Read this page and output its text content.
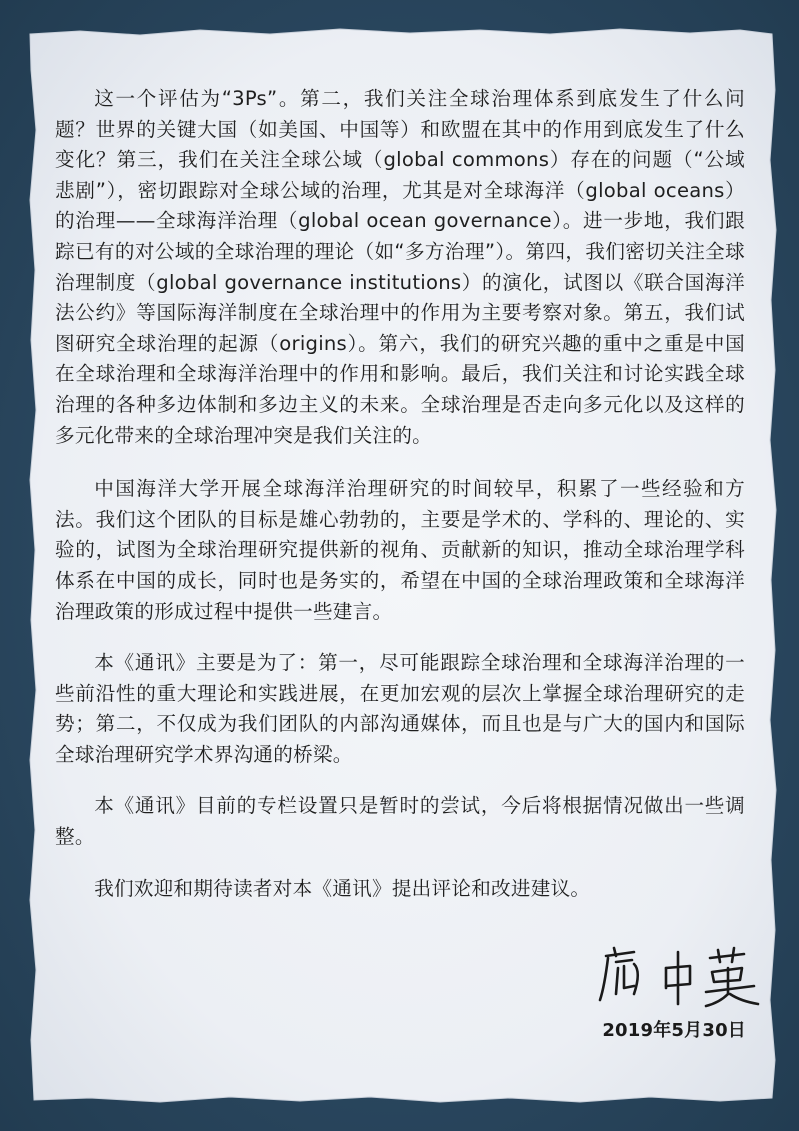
这一个评估为“3Ps”。第二，我们关注全球治理体系到底发生了什么问题？世界的关键大国（如美国、中国等）和欧盟在其中的作用到底发生了什么变化？第三，我们在关注全球公域（global commons）存在的问题（“公域悲剧”），密切跟踪对全球公域的治理，尤其是对全球海洋（global oceans）的治理——全球海洋治理（global ocean governance）。进一步地，我们跟踪已有的对公域的全球治理的理论（如“多方治理”）。第四，我们密切关注全球治理制度（global governance institutions）的演化，试图以《联合国海洋法公约》等国际海洋制度在全球治理中的作用为主要考察对象。第五，我们试图研究全球治理的起源（origins）。第六，我们的研究兴趣的重中之重是中国在全球治理和全球海洋治理中的作用和影响。最后，我们关注和讨论实践全球治理的各种多边体制和多边主义的未来。全球治理是否走向多元化以及这样的多元化带来的全球治理冲突是我们关注的。

中国海洋大学开展全球海洋治理研究的时间较早，积累了一些经验和方法。我们这个团队的目标是雄心勃勃的，主要是学术的、学科的、理论的、实验的，试图为全球治理研究提供新的视角、贡献新的知识，推动全球治理学科体系在中国的成长，同时也是务实的，希望在中国的全球治理政策和全球海洋治理政策的形成过程中提供一些建言。

本《通讯》主要是为了：第一，尽可能跟踪全球治理和全球海洋治理的一些前沿性的重大理论和实践进展，在更加宏观的层次上掌握全球治理研究的走势；第二，不仅成为我们团队的内部沟通媒体，而且也是与广大的国内和国际全球治理研究学术界沟通的桥梁。

本《通讯》目前的专栏设置只是暂时的尝试，今后将根据情况做出一些调整。

我们欢迎和期待读者对本《通讯》提出评论和改进建议。

2019年5月30日
